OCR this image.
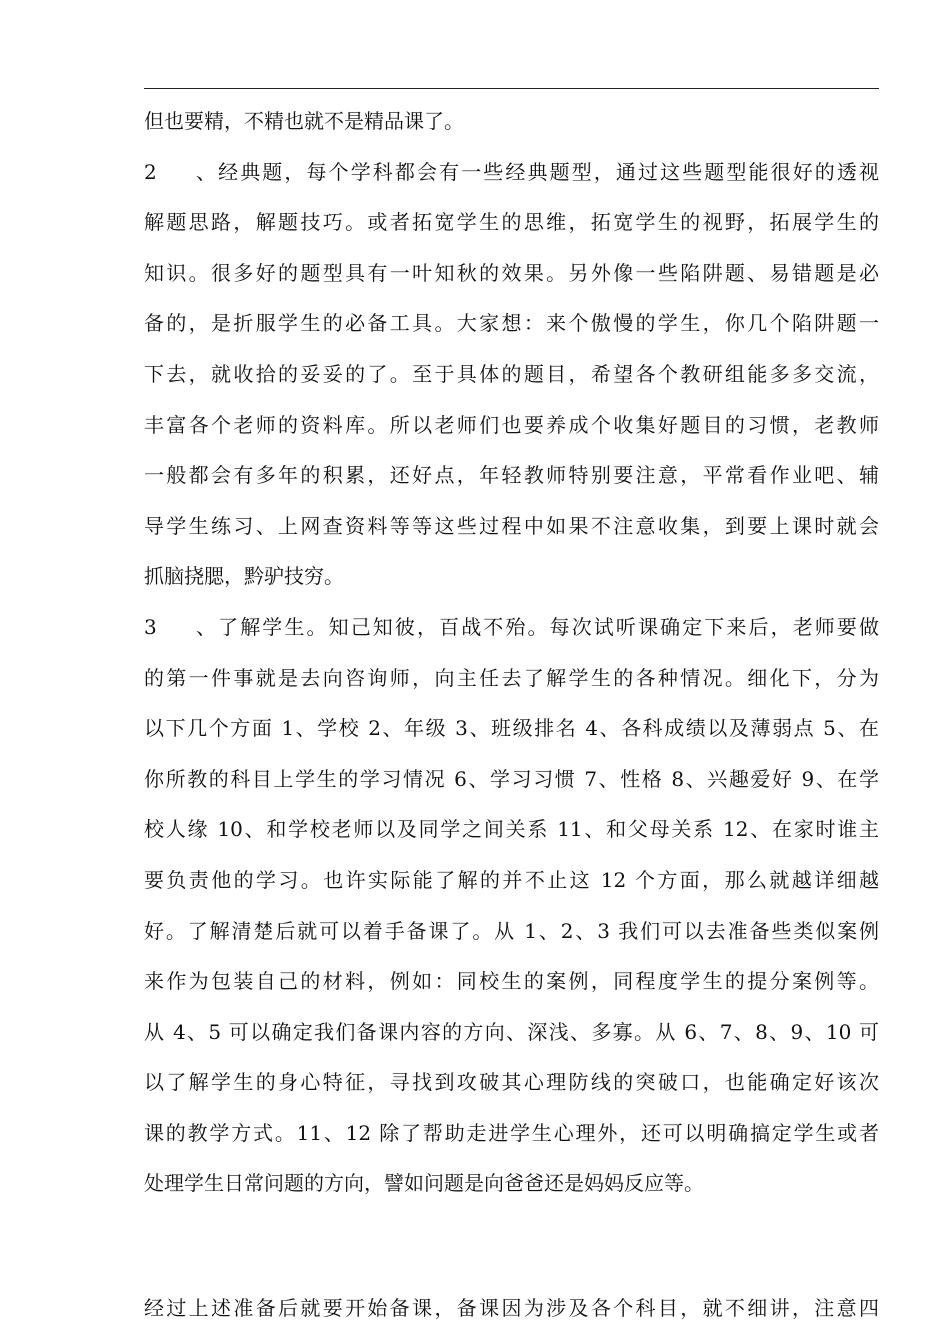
但也要精，不精也就不是精品课了。
2、经典题，每个学科都会有一些经典题型，通过这些题型能很好的透视
解题思路，解题技巧。或者拓宽学生的思维，拓宽学生的视野，拓展学生的
知识。很多好的题型具有一叶知秋的效果。另外像一些陷阱题、易错题是必
备的，是折服学生的必备工具。大家想：来个傲慢的学生，你几个陷阱题一
下去，就收拾的妥妥的了。至于具体的题目，希望各个教研组能多多交流，
丰富各个老师的资料库。所以老师们也要养成个收集好题目的习惯，老教师
一般都会有多年的积累，还好点，年轻教师特别要注意，平常看作业吧、辅
导学生练习、上网查资料等等这些过程中如果不注意收集，到要上课时就会
抓脑挠腮，黔驴技穷。
3、了解学生。知己知彼，百战不殆。每次试听课确定下来后，老师要做
的第一件事就是去向咨询师，向主任去了解学生的各种情况。细化下，分为
以下几个方面 1、学校 2、年级 3、班级排名 4、各科成绩以及薄弱点 5、在
你所教的科目上学生的学习情况 6、学习习惯 7、性格 8、兴趣爱好 9、在学
校人缘 10、和学校老师以及同学之间关系 11、和父母关系 12、在家时谁主
要负责他的学习。也许实际能了解的并不止这 12 个方面，那么就越详细越
好。了解清楚后就可以着手备课了。从 1、2、3 我们可以去准备些类似案例
来作为包装自己的材料，例如：同校生的案例，同程度学生的提分案例等。
从 4、5 可以确定我们备课内容的方向、深浅、多寡。从 6、7、8、9、10 可
以了解学生的身心特征，寻找到攻破其心理防线的突破口，也能确定好该次
课的教学方式。11、12 除了帮助走进学生心理外，还可以明确搞定学生或者
处理学生日常问题的方向，譬如问题是向爸爸还是妈妈反应等。
经过上述准备后就要开始备课，备课因为涉及各个科目，就不细讲，注意四
